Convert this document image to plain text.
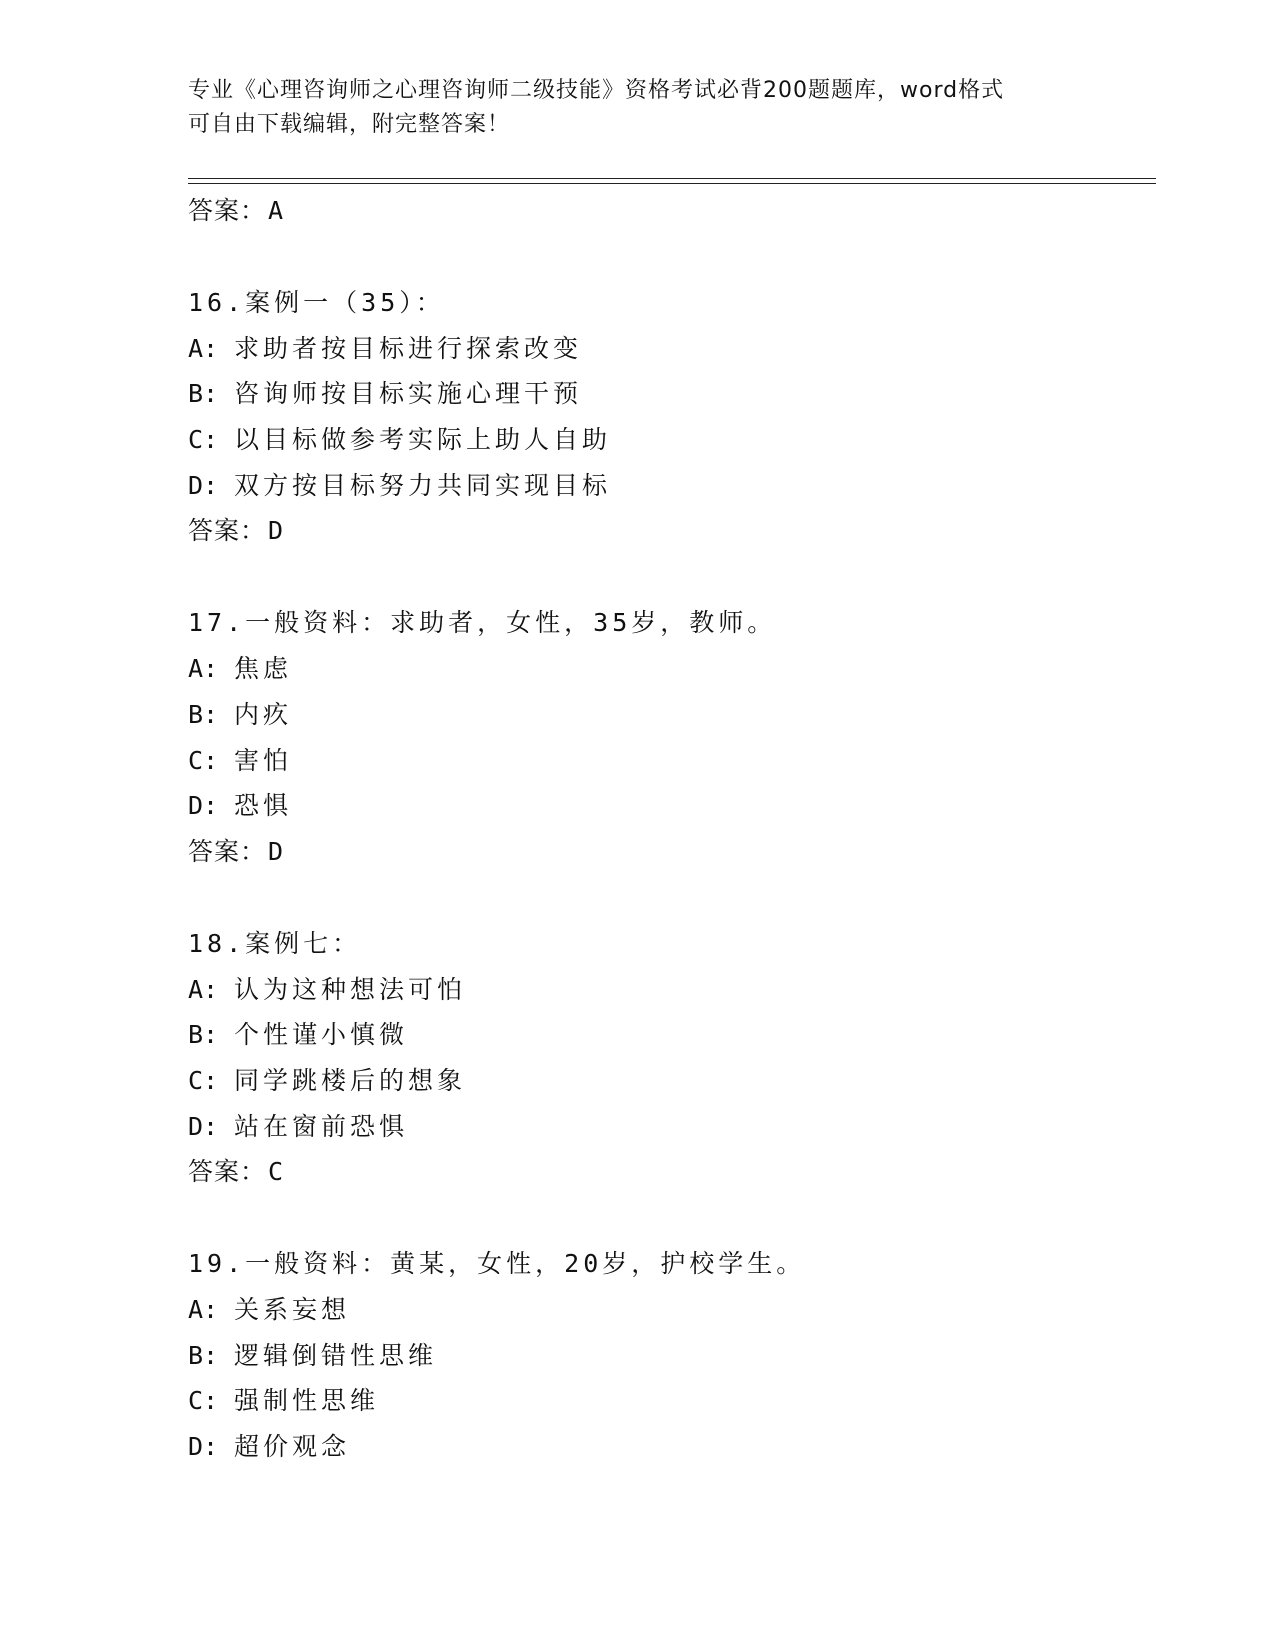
专业《心理咨询师之心理咨询师二级技能》资格考试必背200题题库，word格式
可自由下载编辑，附完整答案！
答案：A
16.案例一（35）：
A: 求助者按目标进行探索改变
B: 咨询师按目标实施心理干预
C: 以目标做参考实际上助人自助
D: 双方按目标努力共同实现目标
答案：D
17.一般资料：求助者，女性，35岁，教师。
A: 焦虑
B: 内疚
C: 害怕
D: 恐惧
答案：D
18.案例七：
A: 认为这种想法可怕
B: 个性谨小慎微
C: 同学跳楼后的想象
D: 站在窗前恐惧
答案：C
19.一般资料：黄某，女性，20岁，护校学生。
A: 关系妄想
B: 逻辑倒错性思维
C: 强制性思维
D: 超价观念
